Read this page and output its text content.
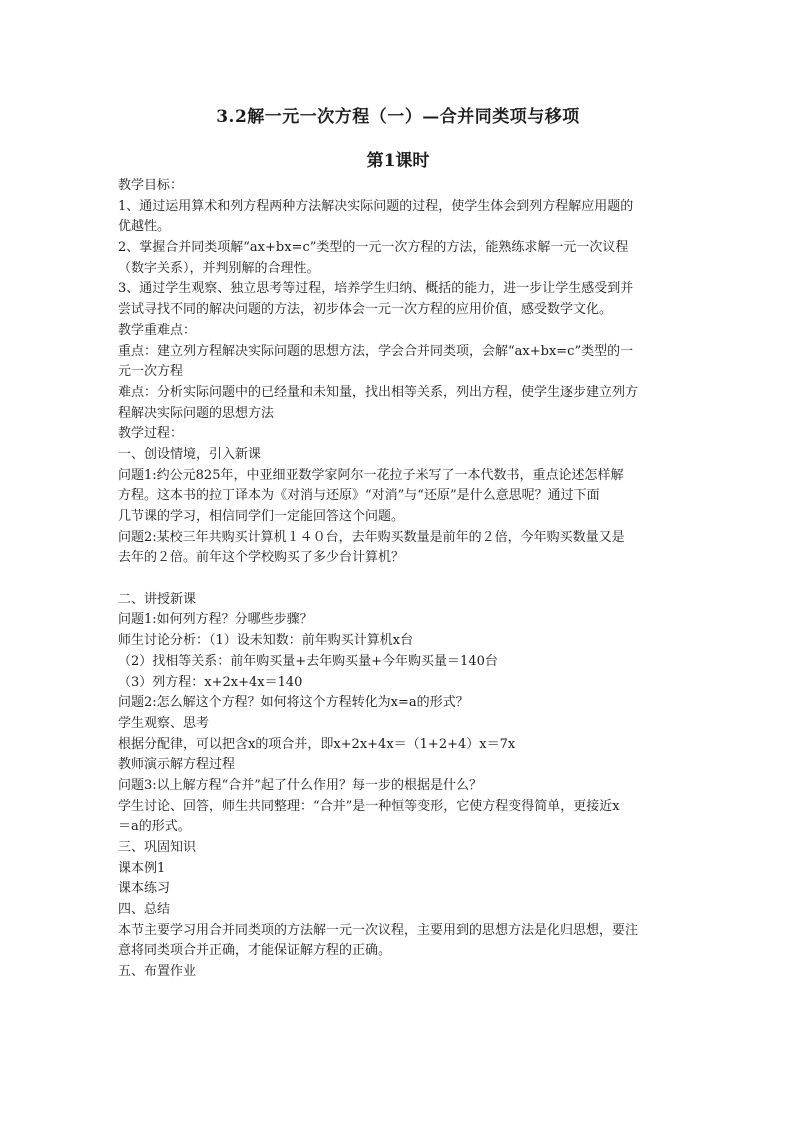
3.2解一元一次方程（一）—合并同类项与移项
第1课时
教学目标：
1、通过运用算术和列方程两种方法解决实际问题的过程，使学生体会到列方程解应用题的
优越性。
2、掌握合并同类项解“ax+bx=c”类型的一元一次方程的方法，能熟练求解一元一次议程
（数字关系），并判别解的合理性。
3、通过学生观察、独立思考等过程，培养学生归纳、概括的能力，进一步让学生感受到并
尝试寻找不同的解决问题的方法，初步体会一元一次方程的应用价值，感受数学文化。
教学重难点：
重点：建立列方程解决实际问题的思想方法，学会合并同类项，会解“ax+bx=c”类型的一
元一次方程
难点：分析实际问题中的已经量和未知量，找出相等关系，列出方程，使学生逐步建立列方
程解决实际问题的思想方法
教学过程：
一、创设情境，引入新课
问题1:约公元825年，中亚细亚数学家阿尔一花拉子米写了一本代数书，重点论述怎样解
方程。这本书的拉丁译本为《对消与还原》“对消”与“还原”是什么意思呢？通过下面
几节课的学习，相信同学们一定能回答这个问题。
问题2:某校三年共购买计算机１４０台，去年购买数量是前年的２倍，今年购买数量又是
去年的２倍。前年这个学校购买了多少台计算机？
二、讲授新课
问题1:如何列方程？分哪些步骤？
师生讨论分析：（1）设未知数：前年购买计算机x台
（2）找相等关系：前年购买量+去年购买量+今年购买量＝140台
（3）列方程：x+2x+4x＝140
问题2:怎么解这个方程？如何将这个方程转化为x=a的形式？
学生观察、思考
根据分配律，可以把含x的项合并，即x+2x+4x＝（1+2+4）x＝7x
教师演示解方程过程
问题3:以上解方程“合并”起了什么作用？每一步的根据是什么？
学生讨论、回答，师生共同整理：“合并”是一种恒等变形，它使方程变得简单，更接近x
＝a的形式。
三、巩固知识
课本例1
课本练习
四、总结
本节主要学习用合并同类项的方法解一元一次议程，主要用到的思想方法是化归思想，要注
意将同类项合并正确，才能保证解方程的正确。
五、布置作业
